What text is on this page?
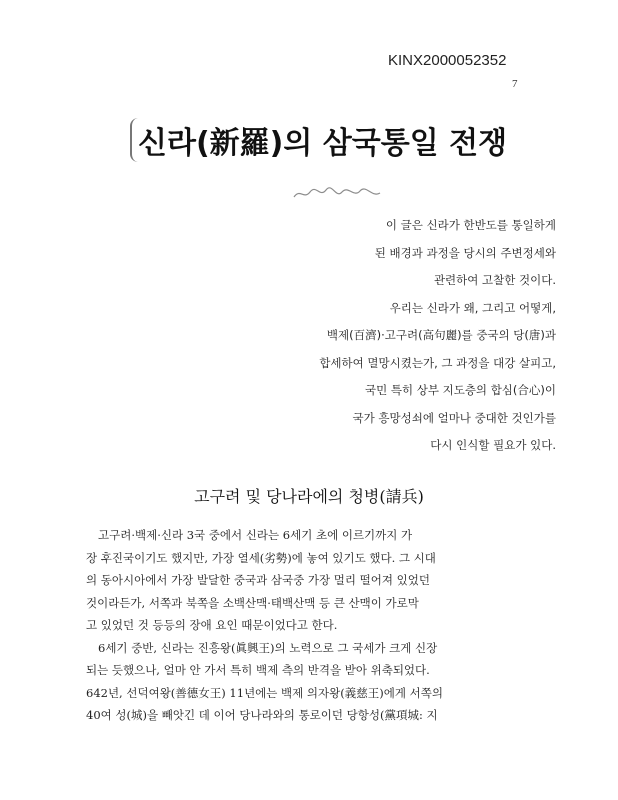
KINX2000052352
7
신라(新羅)의 삼국통일 전쟁
이 글은 신라가 한반도를 통일하게
된 배경과 과정을 당시의 주변정세와
관련하여 고찰한 것이다.
우리는 신라가 왜, 그리고 어떻게,
백제(百濟)·고구려(高句麗)를 중국의 당(唐)과
합세하여 멸망시켰는가, 그 과정을 대강 살피고,
국민 특히 상부 지도층의 합심(合心)이
국가 흥망성쇠에 얼마나 중대한 것인가를
다시 인식할 필요가 있다.
고구려 및 당나라에의 청병(請兵)
고구려·백제·신라 3국 중에서 신라는 6세기 초에 이르기까지 가
장 후진국이기도 했지만, 가장 열세(劣勢)에 놓여 있기도 했다. 그 시대
의 동아시아에서 가장 발달한 중국과 삼국중 가장 멀리 떨어져 있었던
것이라든가, 서쪽과 북쪽을 소백산맥·태백산맥 등 큰 산맥이 가로막
고 있었던 것 등등의 장애 요인 때문이었다고 한다.
6세기 중반, 신라는 진흥왕(眞興王)의 노력으로 그 국세가 크게 신장
되는 듯했으나, 얼마 안 가서 특히 백제 측의 반격을 받아 위축되었다.
642년, 선덕여왕(善德女王) 11년에는 백제 의자왕(義慈王)에게 서쪽의
40여 성(城)을 빼앗긴 데 이어 당나라와의 통로이던 당항성(黨項城: 지
